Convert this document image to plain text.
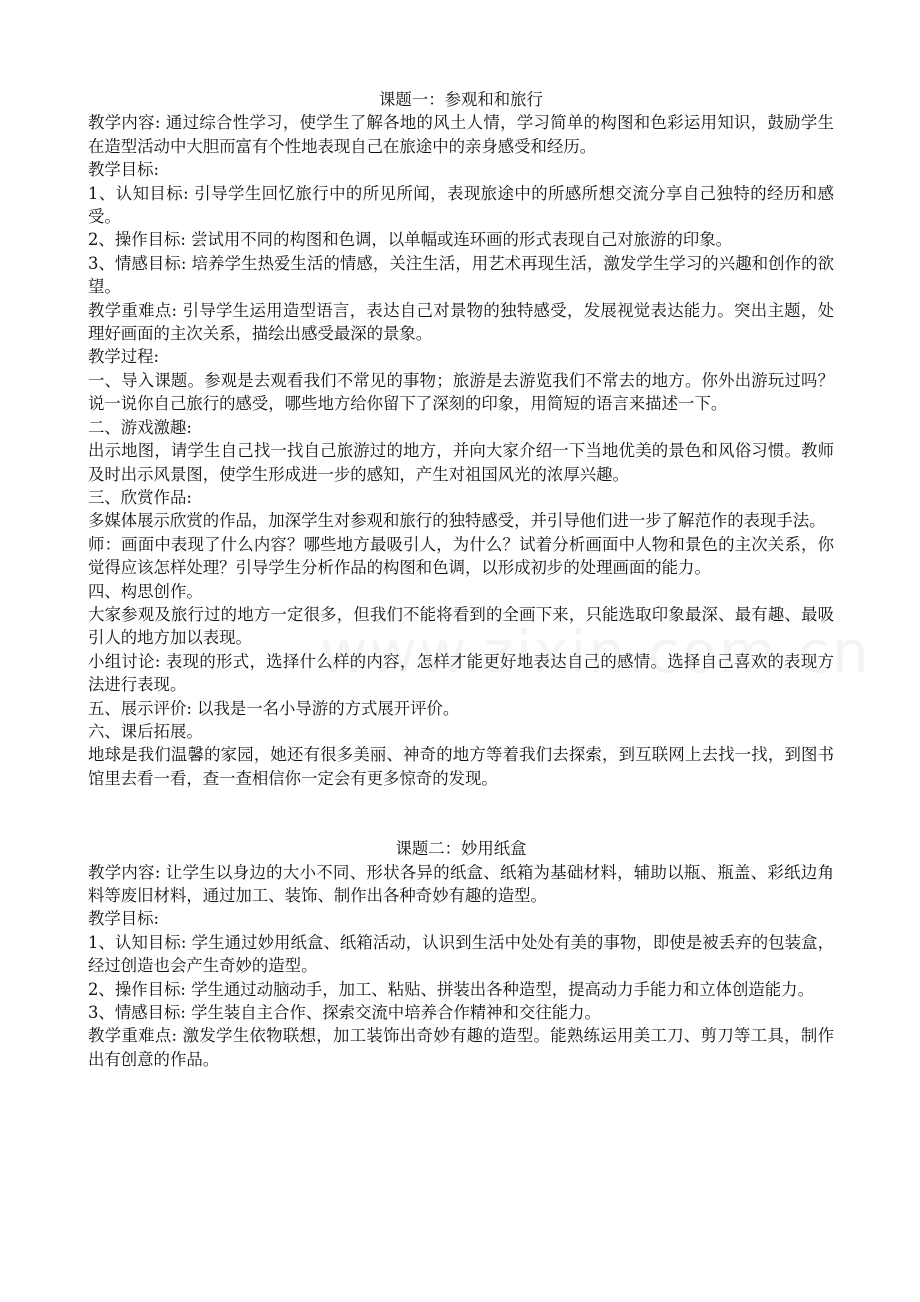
课题一：参观和和旅行

教学内容: 通过综合性学习，使学生了解各地的风土人情，学习简单的构图和色彩运用知识，鼓励学生在造型活动中大胆而富有个性地表现自己在旅途中的亲身感受和经历。

教学目标:

1、认知目标: 引导学生回忆旅行中的所见所闻，表现旅途中的所感所想交流分享自己独特的经历和感受。

2、操作目标: 尝试用不同的构图和色调，以单幅或连环画的形式表现自己对旅游的印象。

3、情感目标: 培养学生热爱生活的情感，关注生活，用艺术再现生活，激发学生学习的兴趣和创作的欲望。

教学重难点: 引导学生运用造型语言，表达自己对景物的独特感受，发展视觉表达能力。突出主题，处理好画面的主次关系，描绘出感受最深的景象。

教学过程:

一、导入课题。参观是去观看我们不常见的事物；旅游是去游览我们不常去的地方。你外出游玩过吗？说一说你自己旅行的感受，哪些地方给你留下了深刻的印象，用简短的语言来描述一下。

二、游戏激趣:

出示地图，请学生自己找一找自己旅游过的地方，并向大家介绍一下当地优美的景色和风俗习惯。教师及时出示风景图，使学生形成进一步的感知，产生对祖国风光的浓厚兴趣。

三、欣赏作品:

多媒体展示欣赏的作品，加深学生对参观和旅行的独特感受，并引导他们进一步了解范作的表现手法。

师：画面中表现了什么内容？哪些地方最吸引人，为什么？试着分析画面中人物和景色的主次关系，你觉得应该怎样处理？引导学生分析作品的构图和色调，以形成初步的处理画面的能力。

四、构思创作。

大家参观及旅行过的地方一定很多，但我们不能将看到的全画下来，只能选取印象最深、最有趣、最吸引人的地方加以表现。

小组讨论: 表现的形式，选择什么样的内容，怎样才能更好地表达自己的感情。选择自己喜欢的表现方法进行表现。

五、展示评价: 以我是一名小导游的方式展开评价。

六、课后拓展。

地球是我们温馨的家园，她还有很多美丽、神奇的地方等着我们去探索，到互联网上去找一找，到图书馆里去看一看，查一查相信你一定会有更多惊奇的发现。

课题二：妙用纸盒

教学内容: 让学生以身边的大小不同、形状各异的纸盒、纸箱为基础材料，辅助以瓶、瓶盖、彩纸边角料等废旧材料，通过加工、装饰、制作出各种奇妙有趣的造型。

教学目标:

1、认知目标: 学生通过妙用纸盒、纸箱活动，认识到生活中处处有美的事物，即使是被丢弃的包装盒，经过创造也会产生奇妙的造型。

2、操作目标: 学生通过动脑动手，加工、粘贴、拼装出各种造型，提高动力手能力和立体创造能力。

3、情感目标: 学生装自主合作、探索交流中培养合作精神和交往能力。

教学重难点: 激发学生依物联想，加工装饰出奇妙有趣的造型。能熟练运用美工刀、剪刀等工具，制作出有创意的作品。
